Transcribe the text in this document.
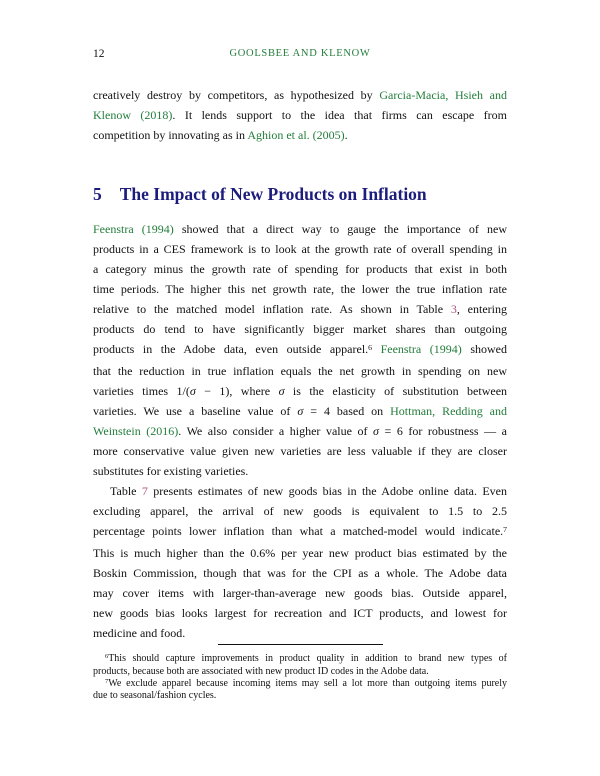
12	GOOLSBEE AND KLENOW
creatively destroy by competitors, as hypothesized by Garcia-Macia, Hsieh and
Klenow (2018). It lends support to the idea that firms can escape from
competition by innovating as in Aghion et al. (2005).
5 The Impact of New Products on Inflation
Feenstra (1994) showed that a direct way to gauge the importance of new
products in a CES framework is to look at the growth rate of overall spending in
a category minus the growth rate of spending for products that exist in both
time periods. The higher this net growth rate, the lower the true inflation rate
relative to the matched model inflation rate. As shown in Table 3, entering
products do tend to have significantly bigger market shares than outgoing
products in the Adobe data, even outside apparel.$^6$ Feenstra (1994) showed
that the reduction in true inflation equals the net growth in spending on new
varieties times 1/(σ − 1), where σ is the elasticity of substitution between
varieties. We use a baseline value of σ = 4 based on Hottman, Redding and
Weinstein (2016). We also consider a higher value of σ = 6 for robustness — a
more conservative value given new varieties are less valuable if they are closer
substitutes for existing varieties.
Table 7 presents estimates of new goods bias in the Adobe online data. Even
excluding apparel, the arrival of new goods is equivalent to 1.5 to 2.5
percentage points lower inflation than what a matched-model would indicate.$^7$
This is much higher than the 0.6% per year new product bias estimated by the
Boskin Commission, though that was for the CPI as a whole. The Adobe data
may cover items with larger-than-average new goods bias. Outside apparel,
new goods bias looks largest for recreation and ICT products, and lowest for
medicine and food.
$^6$This should capture improvements in product quality in addition to brand new types of
products, because both are associated with new product ID codes in the Adobe data.
$^7$We exclude apparel because incoming items may sell a lot more than outgoing items purely
due to seasonal/fashion cycles.
